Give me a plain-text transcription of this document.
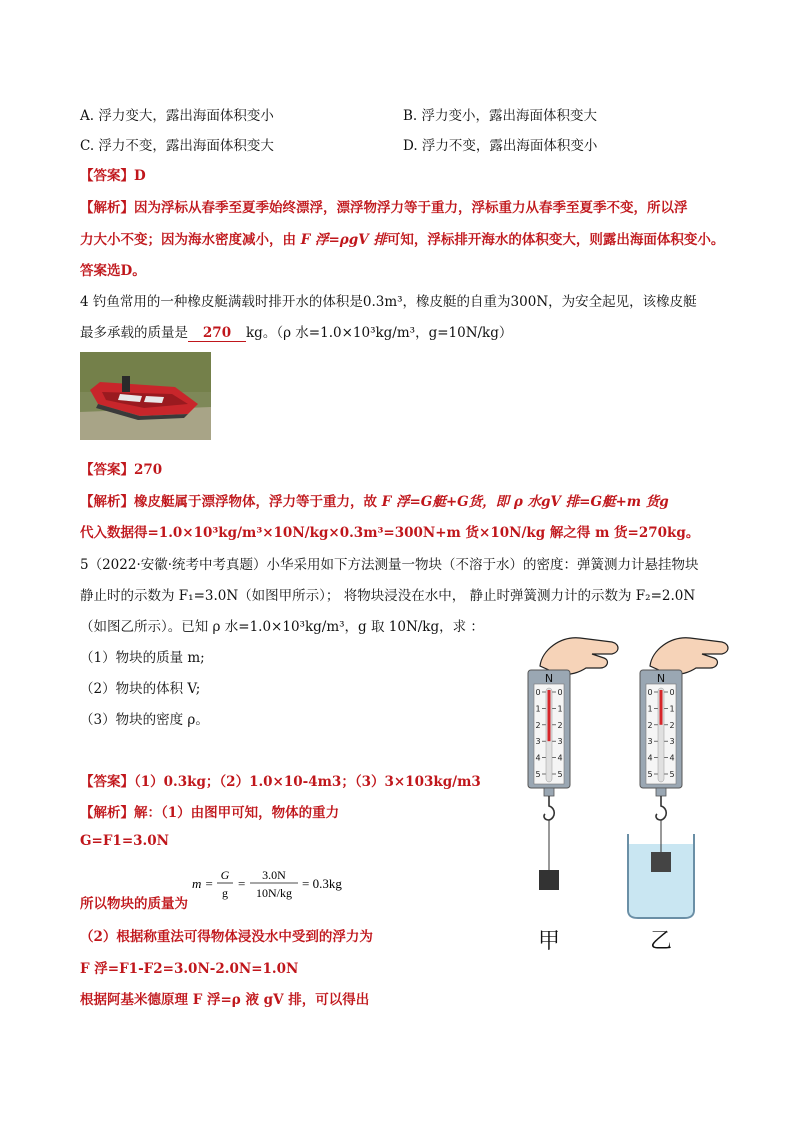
A. 浮力变大，露出海面体积变小	B. 浮力变小，露出海面体积变大
C. 浮力不变，露出海面体积变大	D. 浮力不变，露出海面体积变小
【答案】D
【解析】因为浮标从春季至夏季始终漂浮，漂浮物浮力等于重力，浮标重力从春季至夏季不变，所以浮
力大小不变；因为海水密度减小，由 F 浮=ρgV 排可知，浮标排开海水的体积变大，则露出海面体积变小。
答案选D。
4 钓鱼常用的一种橡皮艇满载时排开水的体积是0.3m³，橡皮艇的自重为300N，为安全起见，该橡皮艇
最多承载的质量是 270 kg。（ρ 水=1.0×10³kg/m³，g=10N/kg）
【答案】270
【解析】橡皮艇属于漂浮物体，浮力等于重力，故 F 浮=G艇+G货，即 ρ 水gV 排=G艇+m 货g
代入数据得=1.0×10³kg/m³×10N/kg×0.3m³=300N+m 货×10N/kg 解之得 m 货=270kg。
5（2022·安徽·统考中考真题）小华采用如下方法测量一物块（不溶于水）的密度：弹簧测力计悬挂物块
静止时的示数为 F₁=3.0N（如图甲所示）； 将物块浸没在水中， 静止时弹簧测力计的示数为 F₂=2.0N
（如图乙所示）。已知 ρ 水=1.0×10³kg/m³，g 取 10N/kg，求 ：
（1）物块的质量 m;
（2）物块的体积 V;
（3）物块的密度 ρ。
【答案】（1）0.3kg；（2）1.0×10-4m3；（3）3×103kg/m3
【解析】解：（1）由图甲可知，物体的重力
G=F1=3.0N
m =
G
g
=
3.0N
10N/kg
= 0.3kg
所以物块的质量为
（2）根据称重法可得物体浸没水中受到的浮力为
F 浮=F1-F2=3.0N-2.0N=1.0N
根据阿基米德原理 F 浮=ρ 液 gV 排，可以得出
N
0 0
1 1
2 2
3 3
4 4
5 5
甲
N
0 0
1 1
2 2
3 3
4 4
5 5
乙
